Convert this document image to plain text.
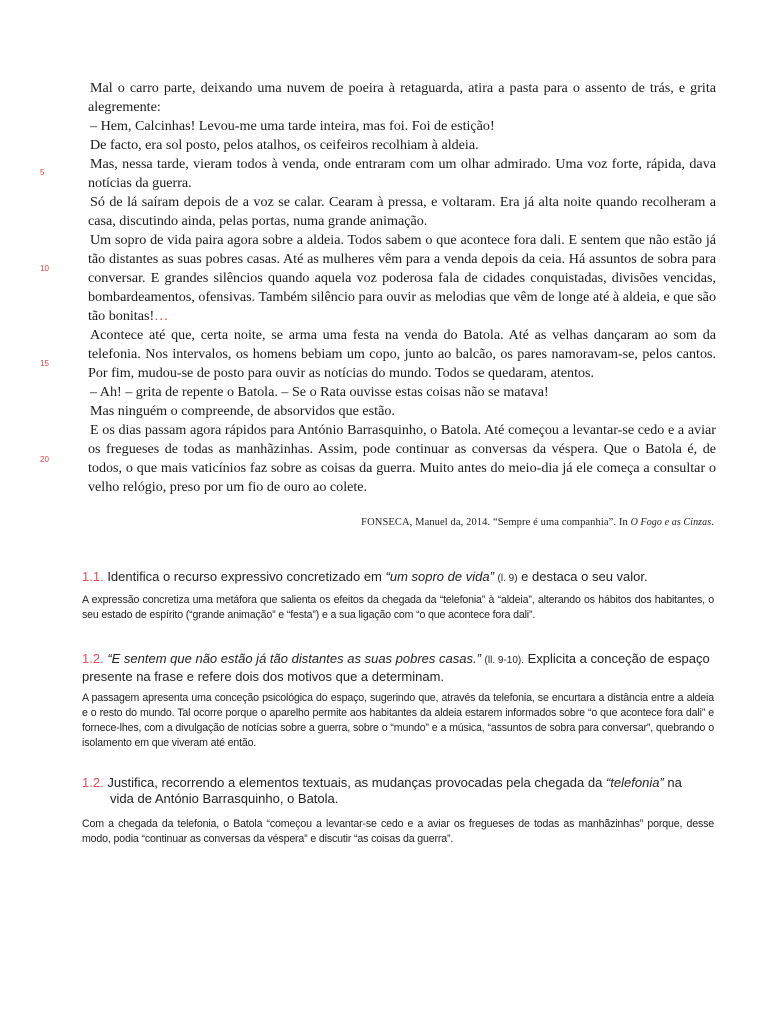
Mal o carro parte, deixando uma nuvem de poeira à retaguarda, atira a pasta para o assento de trás, e grita alegremente:

– Hem, Calcinhas! Levou-me uma tarde inteira, mas foi. Foi de estição!

De facto, era sol posto, pelos atalhos, os ceifeiros recolhiam à aldeia.

Mas, nessa tarde, vieram todos à venda, onde entraram com um olhar admirado. Uma voz forte, rápida, dava notícias da guerra.

Só de lá saíram depois de a voz se calar. Cearam à pressa, e voltaram. Era já alta noite quando recolheram a casa, discutindo ainda, pelas portas, numa grande animação.

Um sopro de vida paira agora sobre a aldeia. Todos sabem o que acontece fora dali. E sentem que não estão já tão distantes as suas pobres casas. Até as mulheres vêm para a venda depois da ceia. Há assuntos de sobra para conversar. E grandes silêncios quando aquela voz poderosa fala de cidades conquistadas, divisões vencidas, bombardeamentos, ofensivas. Também silêncio para ouvir as melodias que vêm de longe até à aldeia, e que são tão bonitas!…

Acontece até que, certa noite, se arma uma festa na venda do Batola. Até as velhas dançaram ao som da telefonia. Nos intervalos, os homens bebiam um copo, junto ao balcão, os pares namoravam-se, pelos cantos. Por fim, mudou-se de posto para ouvir as notícias do mundo. Todos se quedaram, atentos.

– Ah! – grita de repente o Batola. – Se o Rata ouvisse estas coisas não se matava!

Mas ninguém o compreende, de absorvidos que estão.

E os dias passam agora rápidos para António Barrasquinho, o Batola. Até começou a levantar-se cedo e a aviar os fregueses de todas as manhãzinhas. Assim, pode continuar as conversas da véspera. Que o Batola é, de todos, o que mais vaticínios faz sobre as coisas da guerra. Muito antes do meio-dia já ele começa a consultar o velho relógio, preso por um fio de ouro ao colete.

5
10
15
20
FONSECA, Manuel da, 2014. “Sempre é uma companhia”. In O Fogo e as Cinzas.
1.1. Identifica o recurso expressivo concretizado em “um sopro de vida” (l. 9) e destaca o seu valor.
A expressão concretiza uma metáfora que salienta os efeitos da chegada da “telefonia” à “aldeia”, alterando os hábitos dos habitantes, o seu estado de espírito (“grande animação” e “festa”) e a sua ligação com “o que acontece fora dali”.
1.2. “E sentem que não estão já tão distantes as suas pobres casas.” (ll. 9-10). Explicita a conceção de espaço presente na frase e refere dois dos motivos que a determinam.
A passagem apresenta uma conceção psicológica do espaço, sugerindo que, através da telefonia, se encurtara a distância entre a aldeia e o resto do mundo. Tal ocorre porque o aparelho permite aos habitantes da aldeia estarem informados sobre “o que acontece fora dali” e fornece-lhes, com a divulgação de notícias sobre a guerra, sobre o “mundo” e a música, “assuntos de sobra para conversar”, quebrando o isolamento em que viveram até então.
1.2. Justifica, recorrendo a elementos textuais, as mudanças provocadas pela chegada da “telefonia” na
vida de António Barrasquinho, o Batola.
Com a chegada da telefonia, o Batola “começou a levantar-se cedo e a aviar os fregueses de todas as manhãzinhas” porque, desse modo, podia “continuar as conversas da véspera” e discutir “as coisas da guerra”.
